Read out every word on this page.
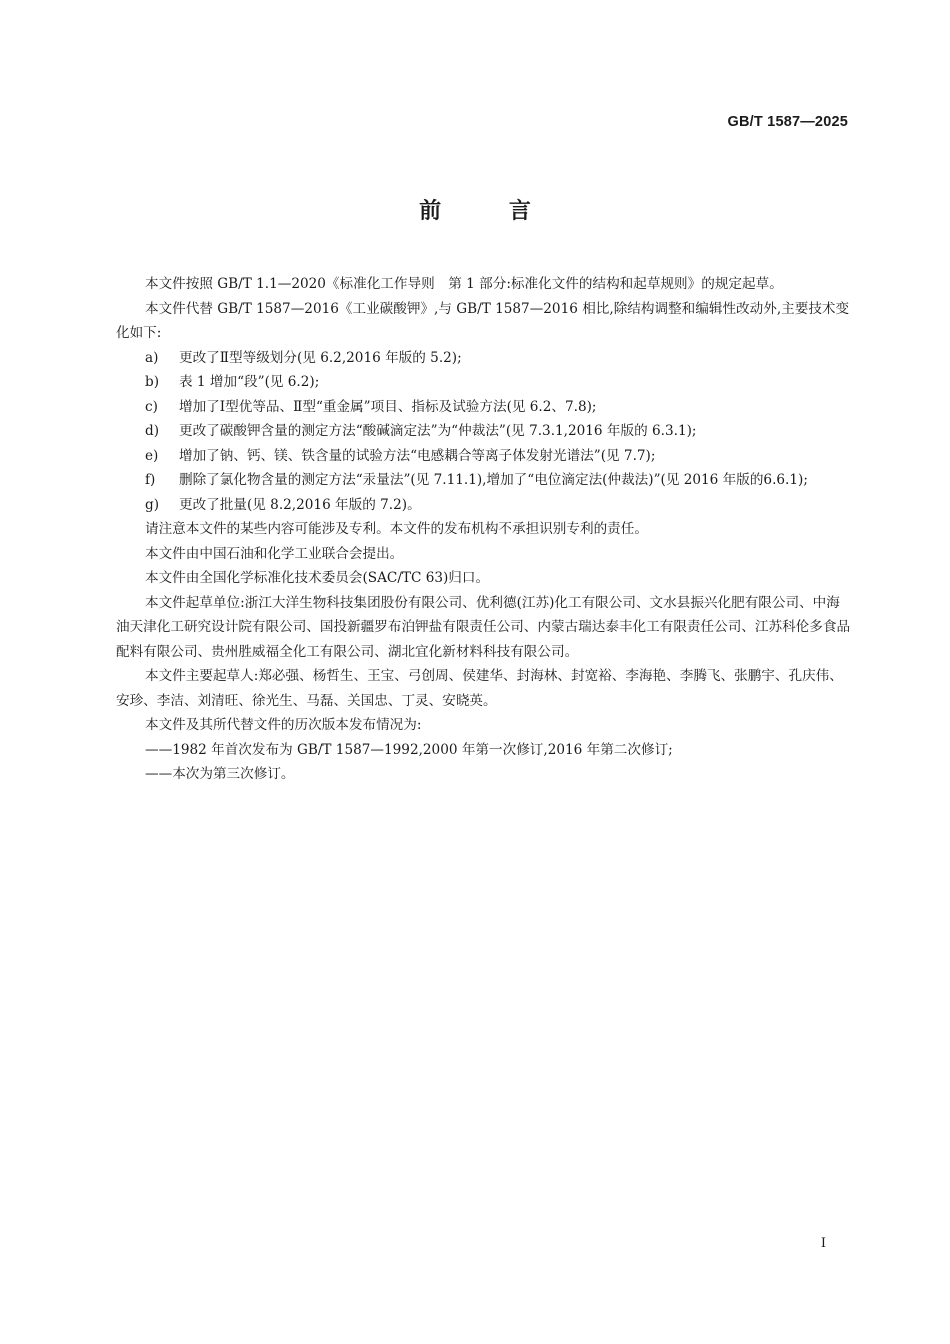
GB/T 1587—2025
前 言

本文件按照 GB/T 1.1—2020《标准化工作导则　第 1 部分:标准化文件的结构和起草规则》的规定起草。

本文件代替 GB/T 1587—2016《工业碳酸钾》,与 GB/T 1587—2016 相比,除结构调整和编辑性改动外,主要技术变化如下:

a)	更改了Ⅱ型等级划分(见 6.2,2016 年版的 5.2);
b)	表 1 增加“段”(见 6.2);
c)	增加了Ⅰ型优等品、Ⅱ型“重金属”项目、指标及试验方法(见 6.2、7.8);
d)	更改了碳酸钾含量的测定方法“酸碱滴定法”为“仲裁法”(见 7.3.1,2016 年版的 6.3.1);
e)	增加了钠、钙、镁、铁含量的试验方法“电感耦合等离子体发射光谱法”(见 7.7);
f)	删除了氯化物含量的测定方法“汞量法”(见 7.11.1),增加了“电位滴定法(仲裁法)”(见 2016 年版的6.6.1);
g)	更改了批量(见 8.2,2016 年版的 7.2)。

请注意本文件的某些内容可能涉及专利。本文件的发布机构不承担识别专利的责任。

本文件由中国石油和化学工业联合会提出。

本文件由全国化学标准化技术委员会(SAC/TC 63)归口。

本文件起草单位:浙江大洋生物科技集团股份有限公司、优利德(江苏)化工有限公司、文水县振兴化肥有限公司、中海油天津化工研究设计院有限公司、国投新疆罗布泊钾盐有限责任公司、内蒙古瑞达泰丰化工有限责任公司、江苏科伦多食品配料有限公司、贵州胜威福全化工有限公司、湖北宜化新材料科技有限公司。

本文件主要起草人:郑必强、杨哲生、王宝、弓创周、侯建华、封海林、封宽裕、李海艳、李腾飞、张鹏宇、孔庆伟、安珍、李洁、刘清旺、徐光生、马磊、关国忠、丁灵、安晓英。

本文件及其所代替文件的历次版本发布情况为:

——1982 年首次发布为 GB/T 1587—1992,2000 年第一次修订,2016 年第二次修订;

——本次为第三次修订。

I
